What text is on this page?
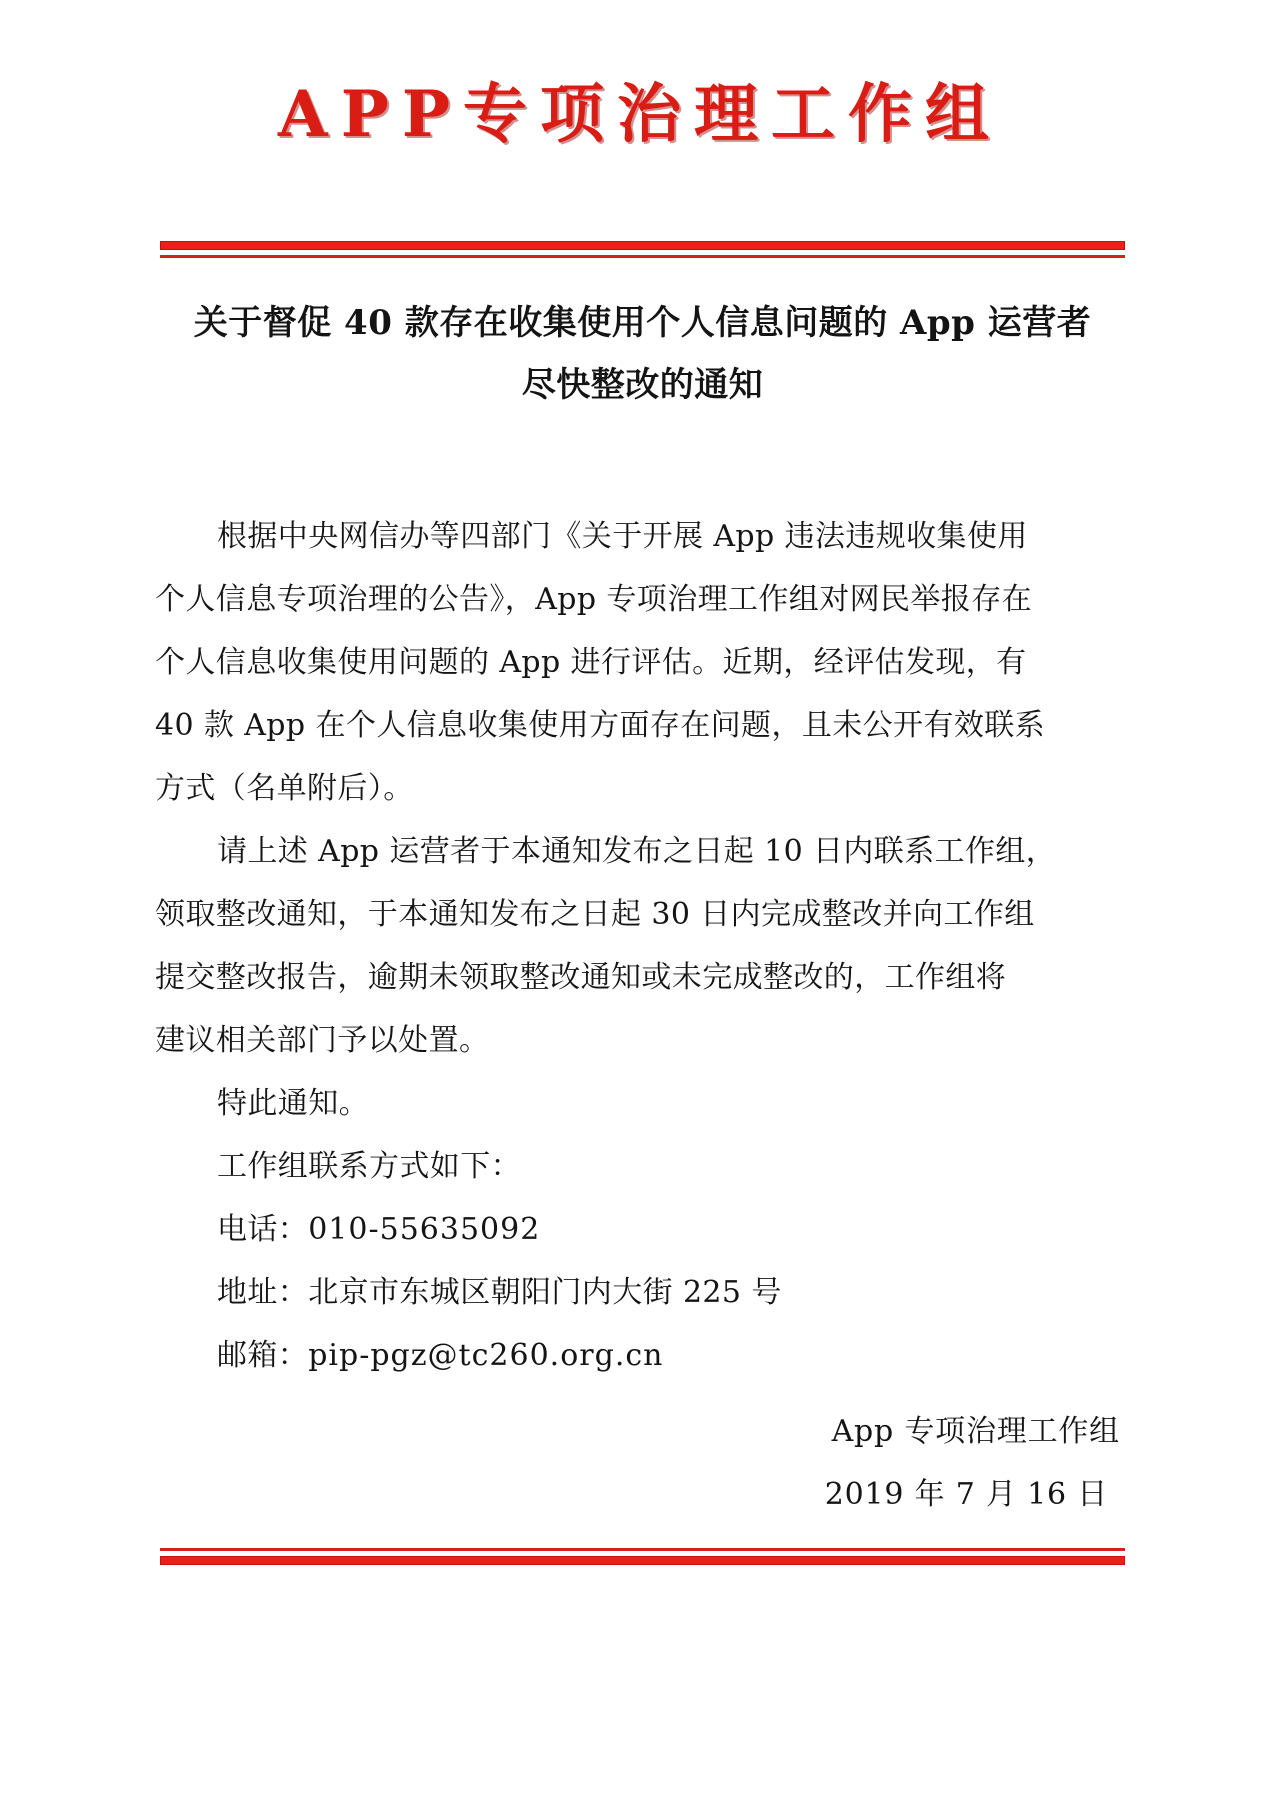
APP专项治理工作组
关于督促 40 款存在收集使用个人信息问题的 App 运营者
尽快整改的通知
根据中央网信办等四部门《关于开展 App 违法违规收集使用
个人信息专项治理的公告》，App 专项治理工作组对网民举报存在
个人信息收集使用问题的 App 进行评估。近期，经评估发现，有
40 款 App 在个人信息收集使用方面存在问题，且未公开有效联系
方式（名单附后）。
请上述 App 运营者于本通知发布之日起 10 日内联系工作组，
领取整改通知，于本通知发布之日起 30 日内完成整改并向工作组
提交整改报告，逾期未领取整改通知或未完成整改的，工作组将
建议相关部门予以处置。
特此通知。
工作组联系方式如下：
电话：010-55635092
地址：北京市东城区朝阳门内大街 225 号
邮箱：pip-pgz@tc260.org.cn
App 专项治理工作组
2019 年 7 月 16 日
